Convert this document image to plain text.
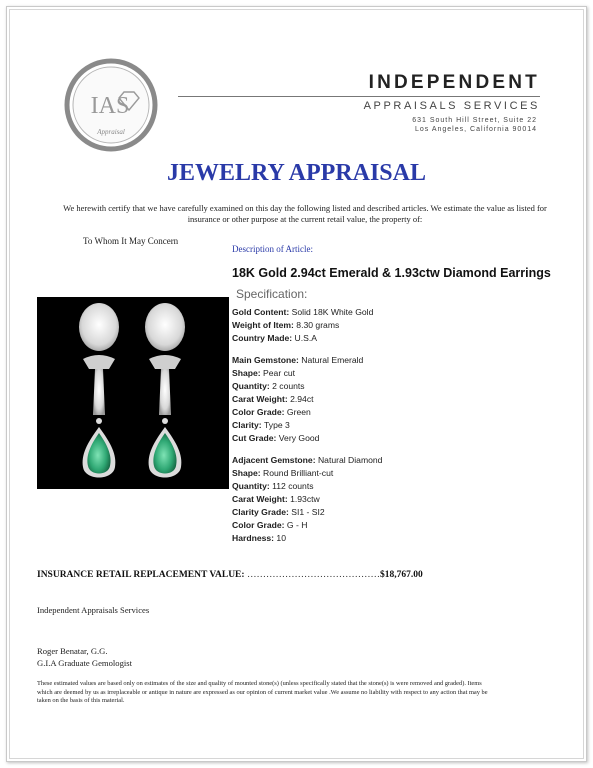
IAS
Appraisal
INDEPENDENT
APPRAISALS SERVICES
631 South Hill Street, Suite 22
Los Angeles, California 90014
JEWELRY APPRAISAL
We herewith certify that we have carefully examined on this day the following listed and described articles. We estimate the value as listed for insurance or other purpose at the current retail value, the property of:
To Whom It May Concern
Description of Article:
18K Gold 2.94ct Emerald & 1.93ctw Diamond Earrings
Specification:
Gold Content: Solid 18K White Gold
Weight of Item: 8.30 grams
Country Made: U.S.A
Main Gemstone: Natural Emerald
Shape: Pear cut
Quantity: 2 counts
Carat Weight: 2.94ct
Color Grade: Green
Clarity: Type 3
Cut Grade: Very Good
Adjacent Gemstone: Natural Diamond
Shape: Round Brilliant-cut
Quantity: 112 counts
Carat Weight: 1.93ctw
Clarity Grade: SI1 - SI2
Color Grade: G - H
Hardness: 10
INSURANCE RETAIL REPLACEMENT VALUE: ……………………………………$18,767.00
Independent Appraisals Services
Roger Benatar, G.G.
G.I.A Graduate Gemologist
These estimated values are based only on estimates of the size and quality of mounted stone(s) (unless specifically stated that the stone(s) is were removed and graded). Items which are deemed by us as irreplaceable or antique in nature are expressed as our opinion of current market value .We assume no liability with respect to any action that may be taken on the basis of this material.
